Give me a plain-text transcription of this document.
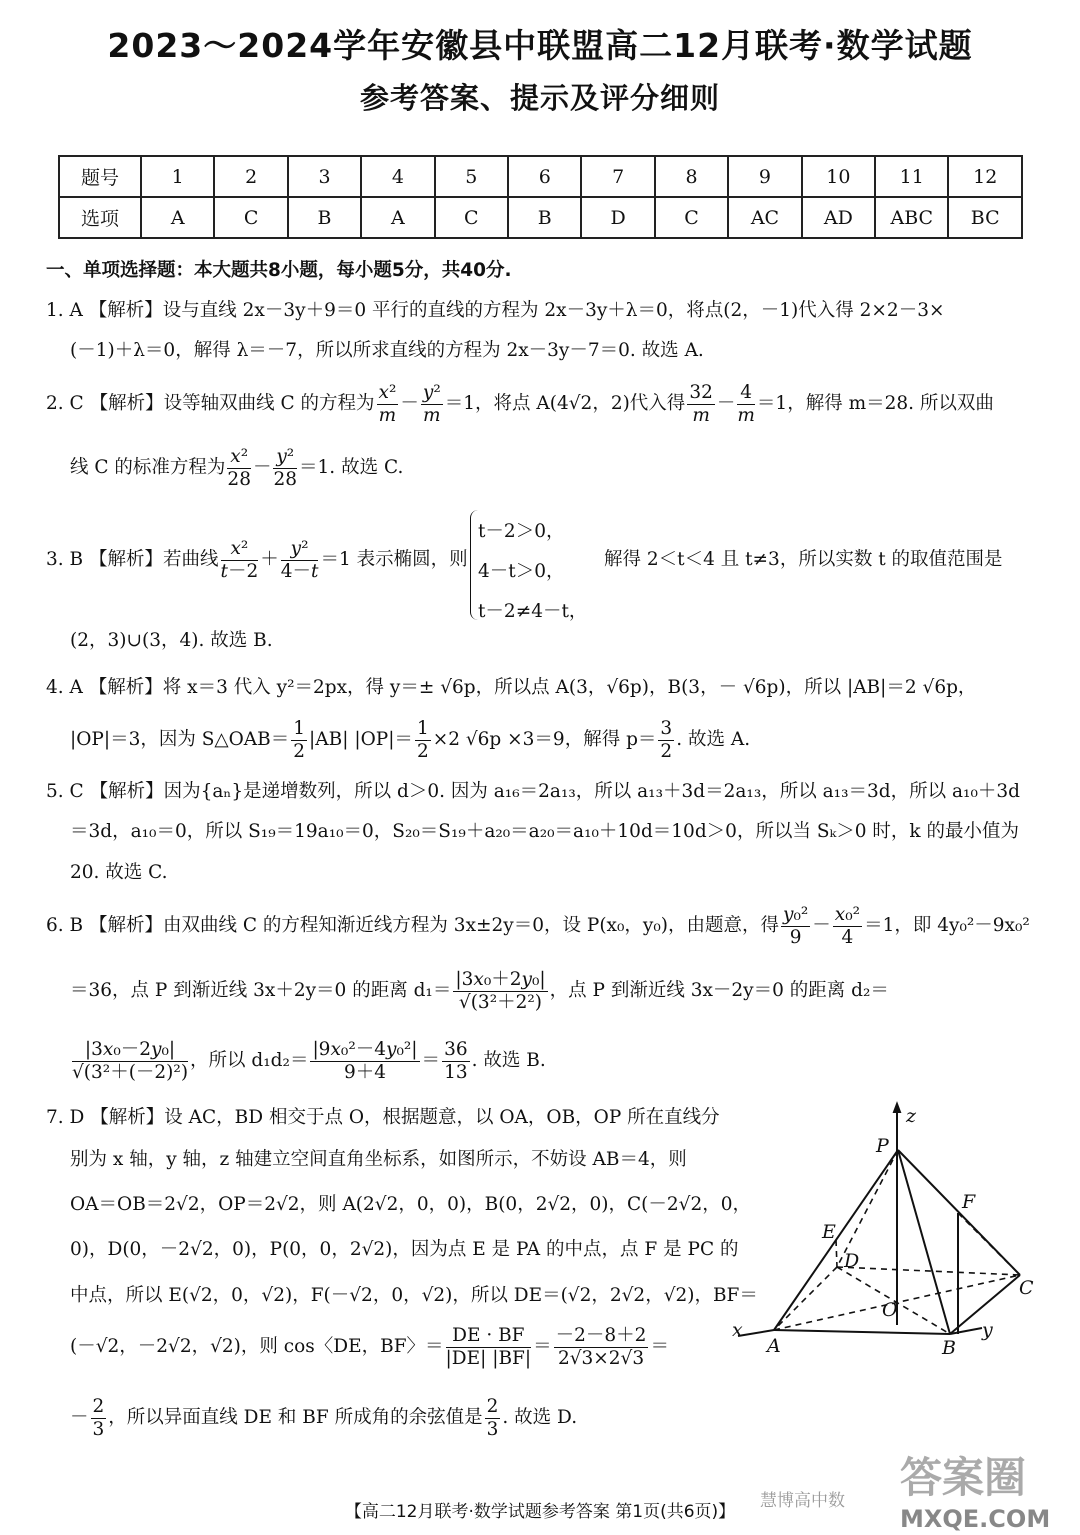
2023～2024学年安徽县中联盟高二12月联考·数学试题
参考答案、提示及评分细则
题号	1	2	3	4	5	6	7	8	9	10	11	12
选项	A	C	B	A	C	B	D	C	AC	AD	ABC	BC
一、单项选择题：本大题共8小题，每小题5分，共40分.
1. A 【解析】设与直线 2x－3y＋9＝0 平行的直线的方程为 2x－3y＋λ＝0，将点(2，－1)代入得 2×2－3×
(－1)＋λ＝0，解得 λ＝－7，所以所求直线的方程为 2x－3y－7＝0. 故选 A.
2. C 【解析】设等轴双曲线 C 的方程为 $\frac{\text{x²}}{m} - \frac{\text{y²}}{m} =1$ ，将点 A(4√2，2)代入得 $\frac{32}{m} - \frac{4}{m} =1$，解得 m＝28. 所以双曲
线 C 的标准方程为 $\frac{\text{x²}}{28} - \frac{\text{y²}}{28} =1$. 故选 C.
3. B 【解析】若曲线 $\frac{\text{x²}}{t-2} + \frac{\text{y²}}{4-t} =1$ 表示椭圆，则
t－2＞0，
4－t＞0，
t－2≠4－t，
解得 2＜t＜4 且 t≠3，所以实数 t 的取值范围是
(2，3)∪(3，4). 故选 B.
4. A 【解析】将 x＝3 代入 y²＝2px，得 y＝± √6p，所以点 A(3，√6p)，B(3，－ √6p)，所以 |AB|＝2 √6p，
|OP|＝3，因为 S△OAB＝ $\frac{1}{2} |AB|$ $|OP|= \frac{1}{2} \times 2$ √6p ×3＝9，解得 $p= \frac{3}{2}$ . 故选 A.
5. C 【解析】因为{aₙ}是递增数列，所以 d＞0. 因为 a₁₆＝2a₁₃，所以 a₁₃＋3d＝2a₁₃，所以 a₁₃＝3d，所以 a₁₀＋3d
＝3d，a₁₀＝0，所以 S₁₉＝19a₁₀＝0，S₂₀＝S₁₉＋a₂₀＝a₂₀＝a₁₀＋10d＝10d＞0，所以当 Sₖ＞0 时，k 的最小值为
20. 故选 C.
6. B 【解析】由双曲线 C 的方程知渐近线方程为 3x±2y＝0，设 P(x₀，y₀)，由题意，得 $\frac{\text{y₀²}}{9} - \frac{\text{x₀²}}{4} =1$，即 4y₀²－9x₀²
＝36，点 P 到渐近线 3x＋2y＝0 的距离 $d_1= \frac{\text{|3x₀＋2y₀|}}{\text{√(3²＋2²)}}$ ，点 P 到渐近线 3x－2y＝0 的距离 d₂＝
$\frac{\text{|3x₀－2y₀|}}{\text{√(3²＋(－2)²)}}$ ，所以 $d_1d_2= \frac{\text{|9x₀²－4y₀²|}}{9+4} = \frac{36}{13}$ . 故选 B.
7. D 【解析】设 AC，BD 相交于点 O，根据题意，以 OA，OB，OP 所在直线分
别为 x 轴，y 轴，z 轴建立空间直角坐标系，如图所示，不妨设 AB＝4，则
OA＝OB＝2√2，OP＝2√2，则 A(2√2，0，0)，B(0，2√2，0)，C(－2√2，0，
0)，D(0，－2√2，0)，P(0，0，2√2)，因为点 E 是 PA 的中点，点 F 是 PC 的
中点，所以 E(√2，0，√2)，F(－√2，0，√2)，所以 DE＝(√2，2√2，√2)，BF＝
(－√2，－2√2，√2)，则 cos〈DE，BF〉＝ $\frac{DE \cdot BF}{|DE| |BF|} = \frac{-2-8+2}{2√3\times 2√3}$ ＝
－ $\frac{2}{3}$ ，所以异面直线 DE 和 BF 所成角的余弦值是 $\frac{2}{3}$ . 故选 D.
z
P
F
E
D
C
O
x
A	B
y
【高二12月联考·数学试题参考答案 第1页(共6页)】
慧博高中数 答案圈
MXQE.COM
